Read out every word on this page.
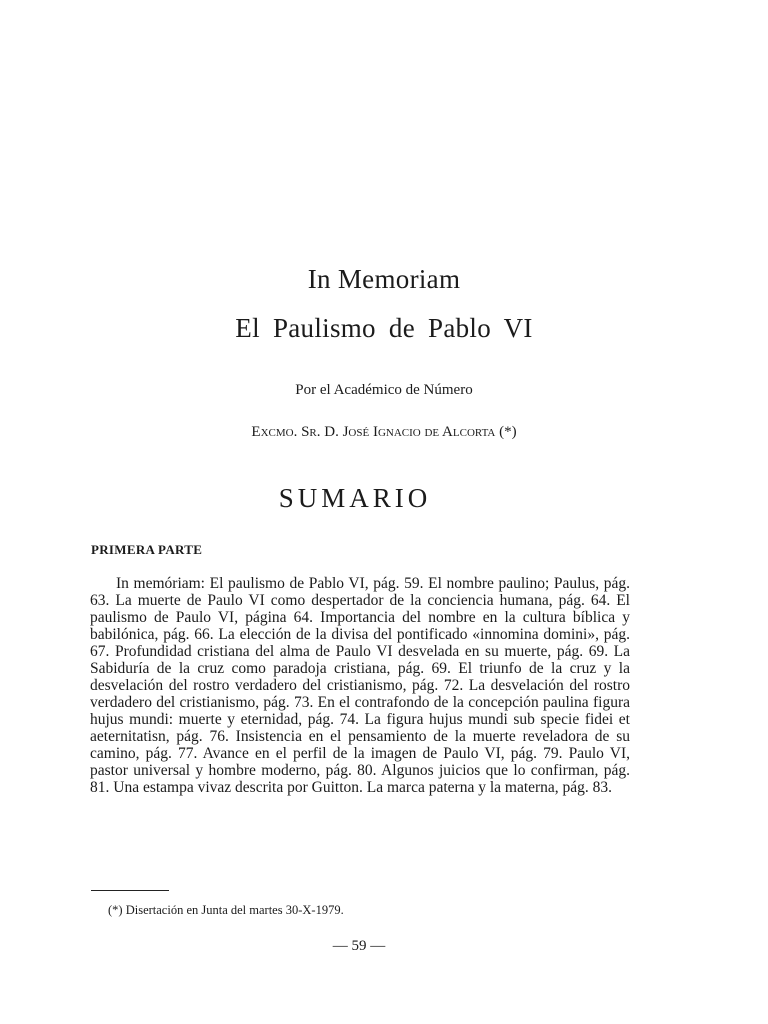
In Memoriam
El Paulismo de Pablo VI
Por el Académico de Número
Excmo. Sr. D. José Ignacio de Alcorta (*)
SUMARIO
PRIMERA PARTE

In memóriam: El paulismo de Pablo VI, pág. 59. El nombre paulino; Paulus, pág. 63. La muerte de Paulo VI como despertador de la conciencia humana, pág. 64. El paulismo de Paulo VI, página 64. Importancia del nombre en la cultura bíblica y babilónica, pág. 66. La elección de la divisa del pontificado «innomina domini», pág. 67. Profundidad cristiana del alma de Paulo VI desvelada en su muerte, pág. 69. La Sabiduría de la cruz como paradoja cristiana, pág. 69. El triunfo de la cruz y la desvelación del rostro verdadero del cristianismo, pág. 72. La desvelación del rostro verdadero del cristianismo, pág. 73. En el contrafondo de la concepción paulina figura hujus mundi: muerte y eternidad, pág. 74. La figura hujus mundi sub specie fidei et aeternitatisn, pág. 76. Insistencia en el pensamiento de la muerte reveladora de su camino, pág. 77. Avance en el perfil de la imagen de Paulo VI, pág. 79. Paulo VI, pastor universal y hombre moderno, pág. 80. Algunos juicios que lo confirman, pág. 81. Una estampa vivaz descrita por Guitton. La marca paterna y la materna, pág. 83.

(*) Disertación en Junta del martes 30-X-1979.
— 59 —
